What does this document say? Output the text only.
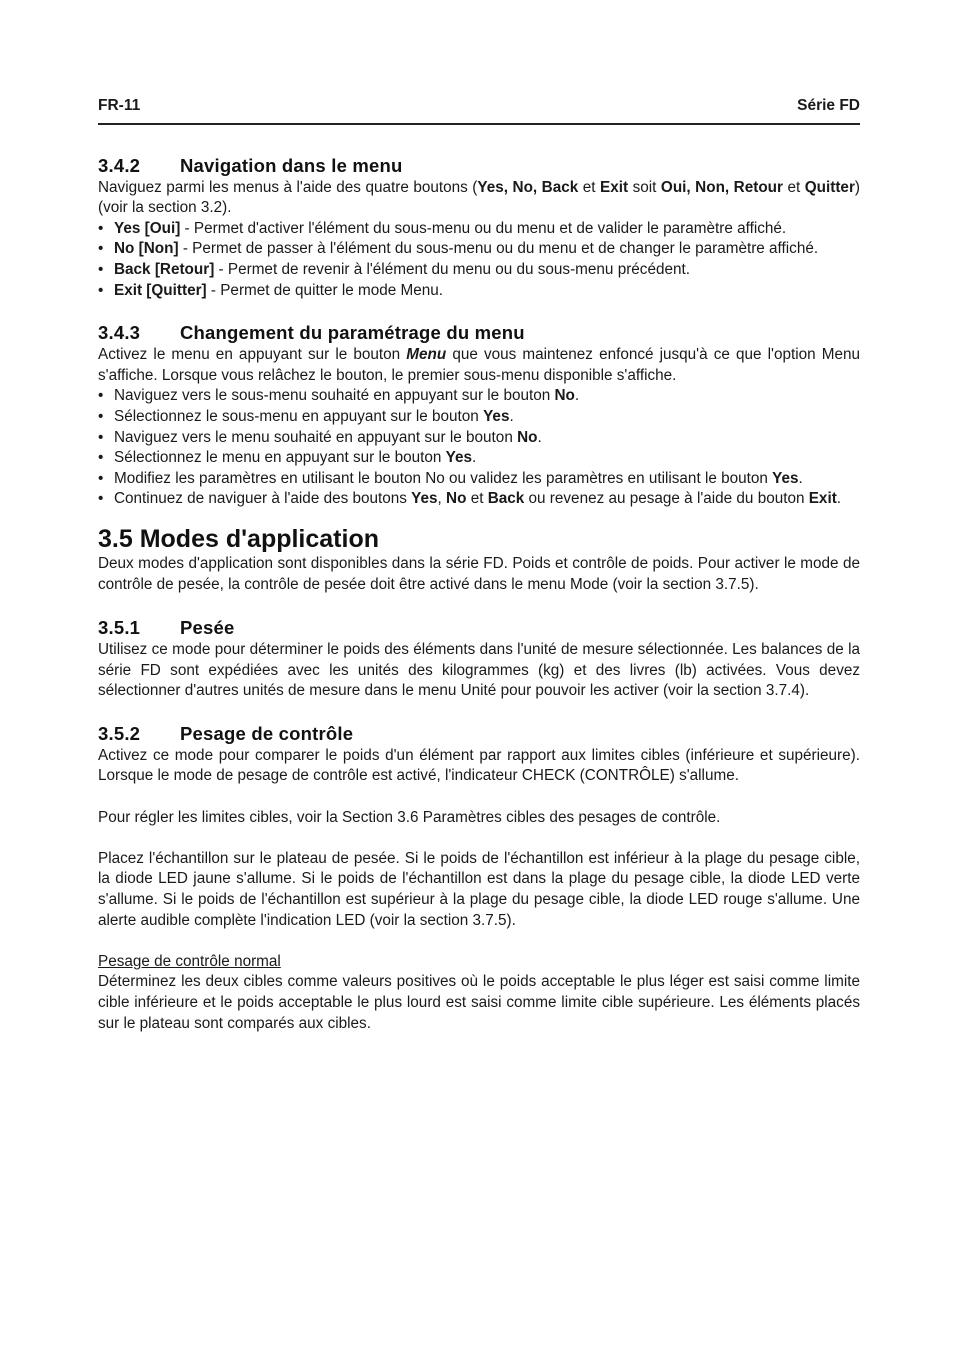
FR-11	Série FD
3.4.2 Navigation dans le menu

Naviguez parmi les menus à l'aide des quatre boutons (Yes, No, Back et Exit soit Oui, Non, Retour et Quitter) (voir la section 3.2).

• Yes [Oui] - Permet d'activer l'élément du sous-menu ou du menu et de valider le paramètre affiché.
• No [Non] - Permet de passer à l'élément du sous-menu ou du menu et de changer le paramètre affiché.
• Back [Retour] - Permet de revenir à l'élément du menu ou du sous-menu précédent.
• Exit [Quitter] - Permet de quitter le mode Menu.
3.4.3 Changement du paramétrage du menu

Activez le menu en appuyant sur le bouton Menu que vous maintenez enfoncé jusqu'à ce que l'option Menu s'affiche. Lorsque vous relâchez le bouton, le premier sous-menu disponible s'affiche.

• Naviguez vers le sous-menu souhaité en appuyant sur le bouton No.
• Sélectionnez le sous-menu en appuyant sur le bouton Yes.
• Naviguez vers le menu souhaité en appuyant sur le bouton No.
• Sélectionnez le menu en appuyant sur le bouton Yes.
• Modifiez les paramètres en utilisant le bouton No ou validez les paramètres en utilisant le bouton Yes.
• Continuez de naviguer à l'aide des boutons Yes, No et Back ou revenez au pesage à l'aide du bouton Exit.
3.5 Modes d'application

Deux modes d'application sont disponibles dans la série FD. Poids et contrôle de poids. Pour activer le mode de contrôle de pesée, la contrôle de pesée doit être activé dans le menu Mode (voir la section 3.7.5).

3.5.1 Pesée

Utilisez ce mode pour déterminer le poids des éléments dans l'unité de mesure sélectionnée. Les balances de la série FD sont expédiées avec les unités des kilogrammes (kg) et des livres (lb) activées. Vous devez sélectionner d'autres unités de mesure dans le menu Unité pour pouvoir les activer (voir la section 3.7.4).

3.5.2 Pesage de contrôle

Activez ce mode pour comparer le poids d'un élément par rapport aux limites cibles (inférieure et supérieure). Lorsque le mode de pesage de contrôle est activé, l'indicateur CHECK (CONTRÔLE) s'allume.

Pour régler les limites cibles, voir la Section 3.6 Paramètres cibles des pesages de contrôle.

Placez l'échantillon sur le plateau de pesée. Si le poids de l'échantillon est inférieur à la plage du pesage cible, la diode LED jaune s'allume. Si le poids de l'échantillon est dans la plage du pesage cible, la diode LED verte s'allume. Si le poids de l'échantillon est supérieur à la plage du pesage cible, la diode LED rouge s'allume. Une alerte audible complète l'indication LED (voir la section 3.7.5).

Pesage de contrôle normal

Déterminez les deux cibles comme valeurs positives où le poids acceptable le plus léger est saisi comme limite cible inférieure et le poids acceptable le plus lourd est saisi comme limite cible supérieure. Les éléments placés sur le plateau sont comparés aux cibles.
